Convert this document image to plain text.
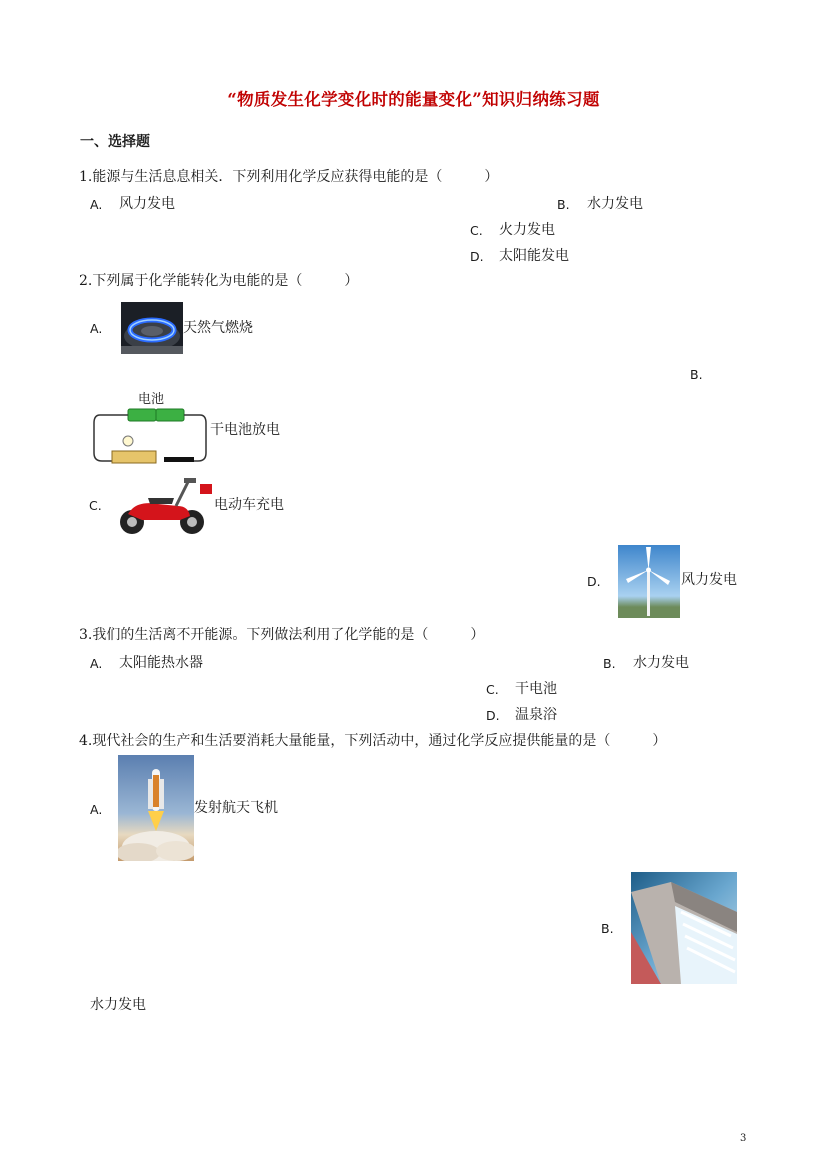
“物质发生化学变化时的能量变化”知识归纳练习题
一、选择题
1.能源与生活息息相关．下列利用化学反应获得电能的是（　　　）
A. 风力发电	B. 水力发电
C. 火力发电
D. 太阳能发电
2.下列属于化学能转化为电能的是（　　　）
A.	天然气燃烧
B.
电池
干电池放电
C.	电动车充电
D.	风力发电
3.我们的生活离不开能源。下列做法利用了化学能的是（　　　）
A. 太阳能热水器	B. 水力发电
C. 干电池
D. 温泉浴
4.现代社会的生产和生活要消耗大量能量，下列活动中，通过化学反应提供能量的是（　　　）
A.	发射航天飞机
B.
水力发电
3
